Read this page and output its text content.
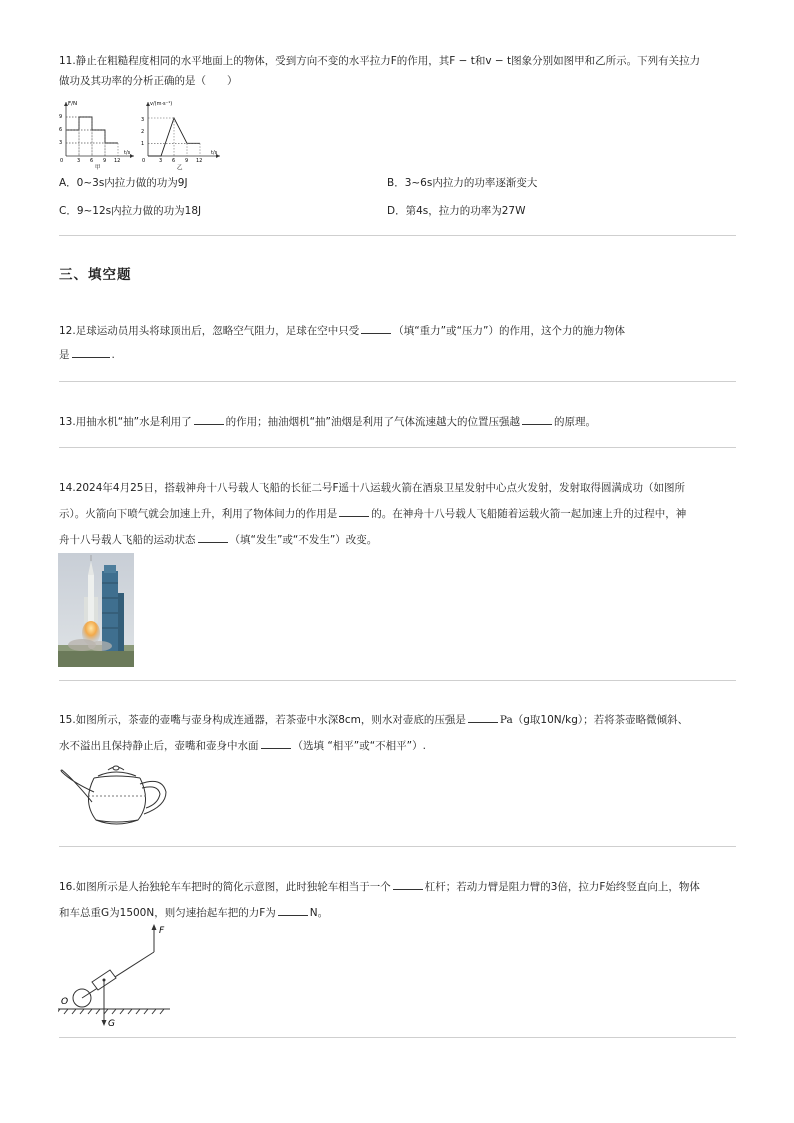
11.静止在粗糙程度相同的水平地面上的物体，受到方向不变的水平拉力F的作用，其F − t和v − t图象分别如图甲和乙所示。下列有关拉力
做功及其功率的分析正确的是（　　）
F/N
t/s
9
6
3
0	3 6 9 12
甲
v/(m·s⁻¹)
t/s
3
2
1
0	3 6 9 12
乙
A．0~3s内拉力做的功为9J	B．3~6s内拉力的功率逐渐变大
C．9~12s内拉力做的功为18J	D．第4s，拉力的功率为27W
三、填空题
12.足球运动员用头将球顶出后，忽略空气阻力，足球在空中只受	（填“重力”或“压力”）的作用，这个力的施力物体
是	.
13.用抽水机“抽”水是利用了	的作用；抽油烟机“抽”油烟是利用了气体流速越大的位置压强越	的原理。
14.2024年4月25日，搭载神舟十八号载人飞船的长征二号F遥十八运载火箭在酒泉卫星发射中心点火发射，发射取得圆满成功（如图所
示）。火箭向下喷气就会加速上升，利用了物体间力的作用是	的。在神舟十八号载人飞船随着运载火箭一起加速上升的过程中，神
舟十八号载人飞船的运动状态	（填“发生”或“不发生”）改变。
15.如图所示，茶壶的壶嘴与壶身构成连通器，若茶壶中水深8cm，则水对壶底的压强是	Pa（g取10N/kg）；若将茶壶略微倾斜、
水不溢出且保持静止后，壶嘴和壶身中水面	（选填 “相平”或“不相平”）.
16.如图所示是人抬独轮车车把时的简化示意图，此时独轮车相当于一个	杠杆；若动力臂是阻力臂的3倍，拉力F始终竖直向上，物体
和车总重G为1500N，则匀速抬起车把的力F为	N。
F
O
G
